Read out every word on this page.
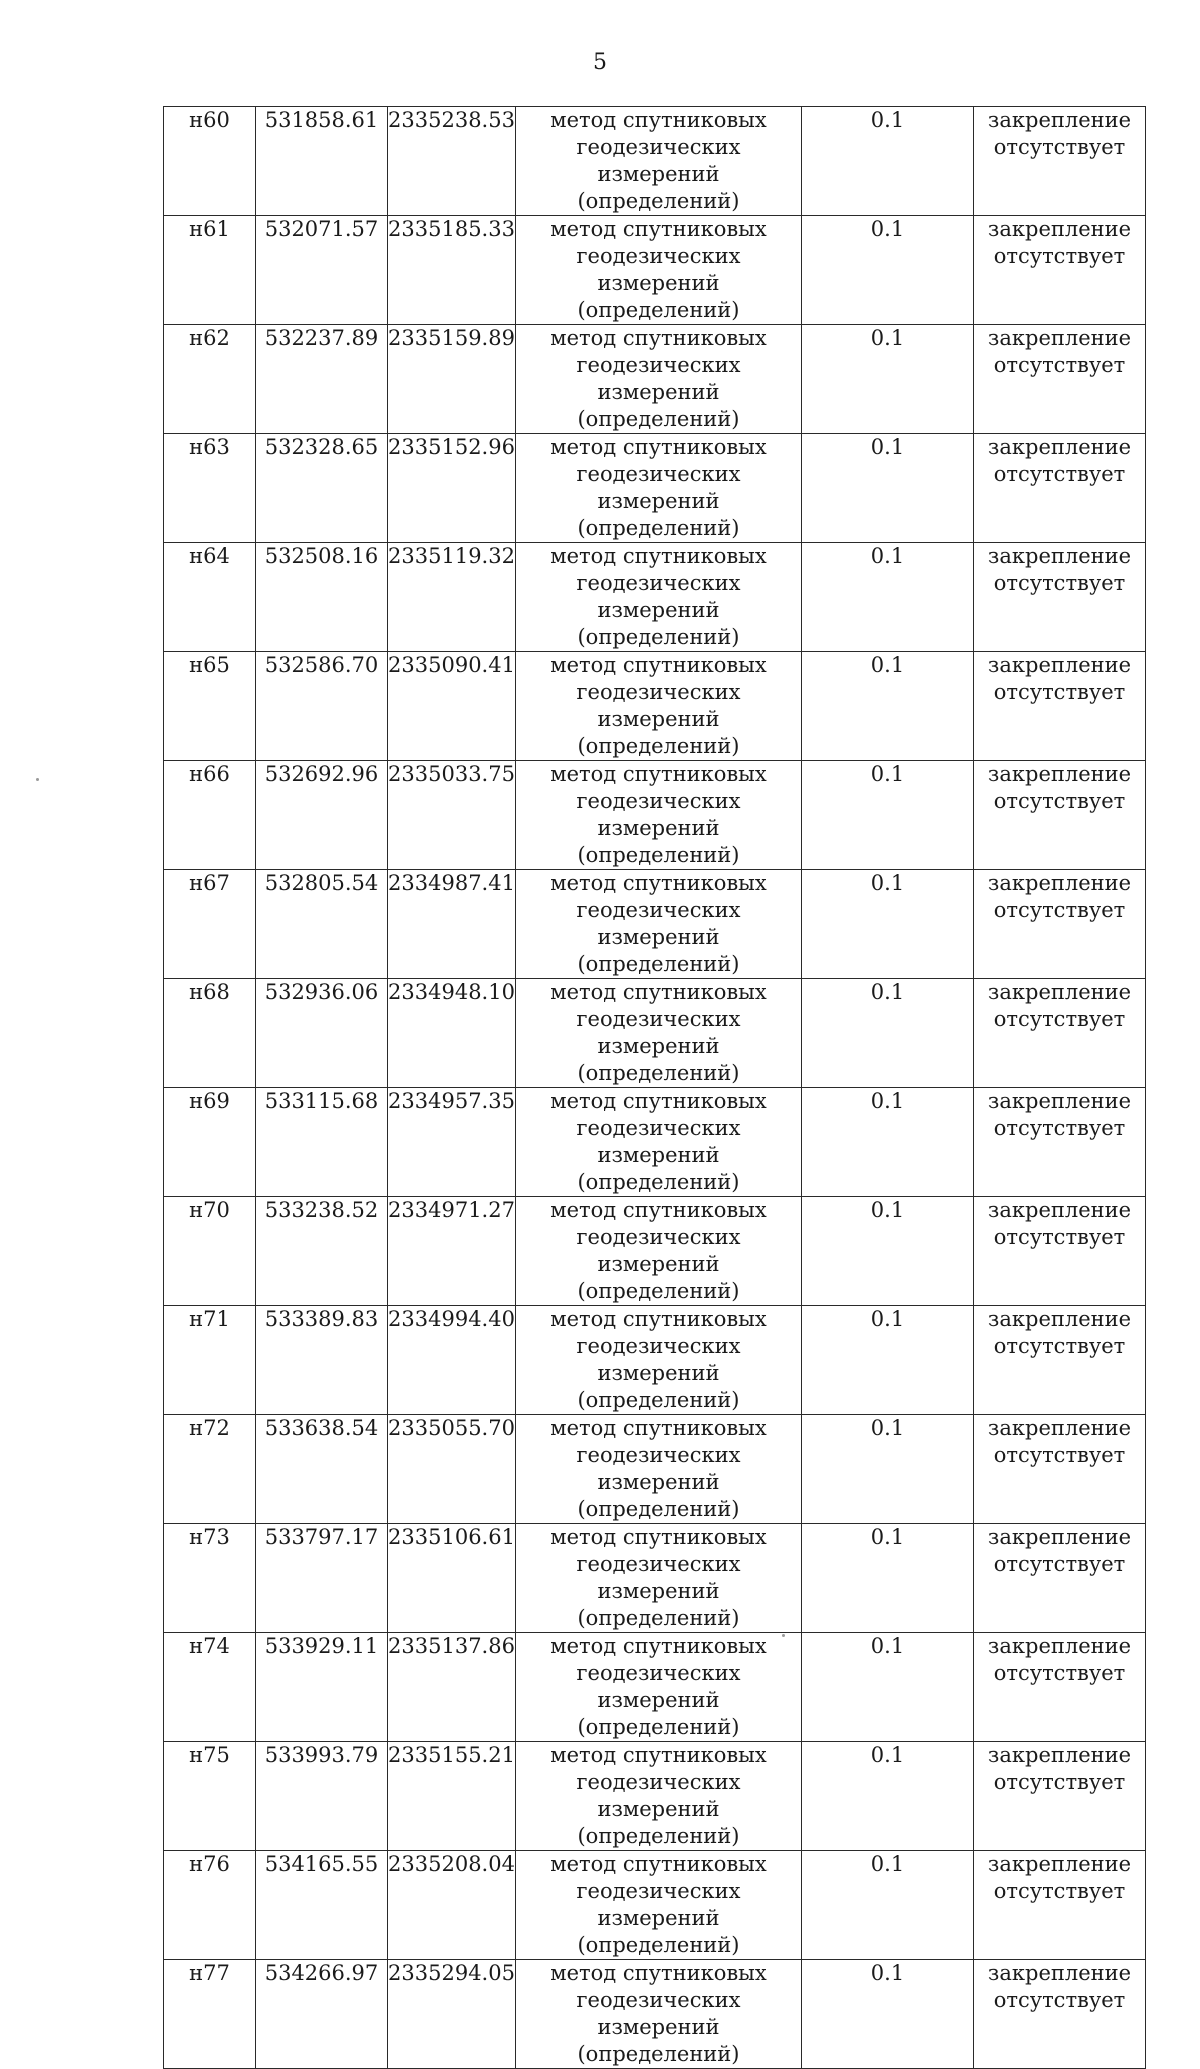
5
н60	531858.61	2335238.53	метод спутниковых
геодезических измерений
(определений)	0.1	закрепление
отсутствует

н61	532071.57	2335185.33	метод спутниковых
геодезических измерений
(определений)	0.1	закрепление
отсутствует

н62	532237.89	2335159.89	метод спутниковых
геодезических измерений
(определений)	0.1	закрепление
отсутствует

н63	532328.65	2335152.96	метод спутниковых
геодезических измерений
(определений)	0.1	закрепление
отсутствует

н64	532508.16	2335119.32	метод спутниковых
геодезических измерений
(определений)	0.1	закрепление
отсутствует

н65	532586.70	2335090.41	метод спутниковых
геодезических измерений
(определений)	0.1	закрепление
отсутствует

н66	532692.96	2335033.75	метод спутниковых
геодезических измерений
(определений)	0.1	закрепление
отсутствует

н67	532805.54	2334987.41	метод спутниковых
геодезических измерений
(определений)	0.1	закрепление
отсутствует

н68	532936.06	2334948.10	метод спутниковых
геодезических измерений
(определений)	0.1	закрепление
отсутствует

н69	533115.68	2334957.35	метод спутниковых
геодезических измерений
(определений)	0.1	закрепление
отсутствует

н70	533238.52	2334971.27	метод спутниковых
геодезических измерений
(определений)	0.1	закрепление
отсутствует

н71	533389.83	2334994.40	метод спутниковых
геодезических измерений
(определений)	0.1	закрепление
отсутствует

н72	533638.54	2335055.70	метод спутниковых
геодезических измерений
(определений)	0.1	закрепление
отсутствует

н73	533797.17	2335106.61	метод спутниковых
геодезических измерений
(определений)	0.1	закрепление
отсутствует

н74	533929.11	2335137.86	метод спутниковых
геодезических измерений
(определений)	0.1	закрепление
отсутствует

н75	533993.79	2335155.21	метод спутниковых
геодезических измерений
(определений)	0.1	закрепление
отсутствует

н76	534165.55	2335208.04	метод спутниковых
геодезических измерений
(определений)	0.1	закрепление
отсутствует

н77	534266.97	2335294.05	метод спутниковых
геодезических измерений
(определений)	0.1	закрепление
отсутствует
